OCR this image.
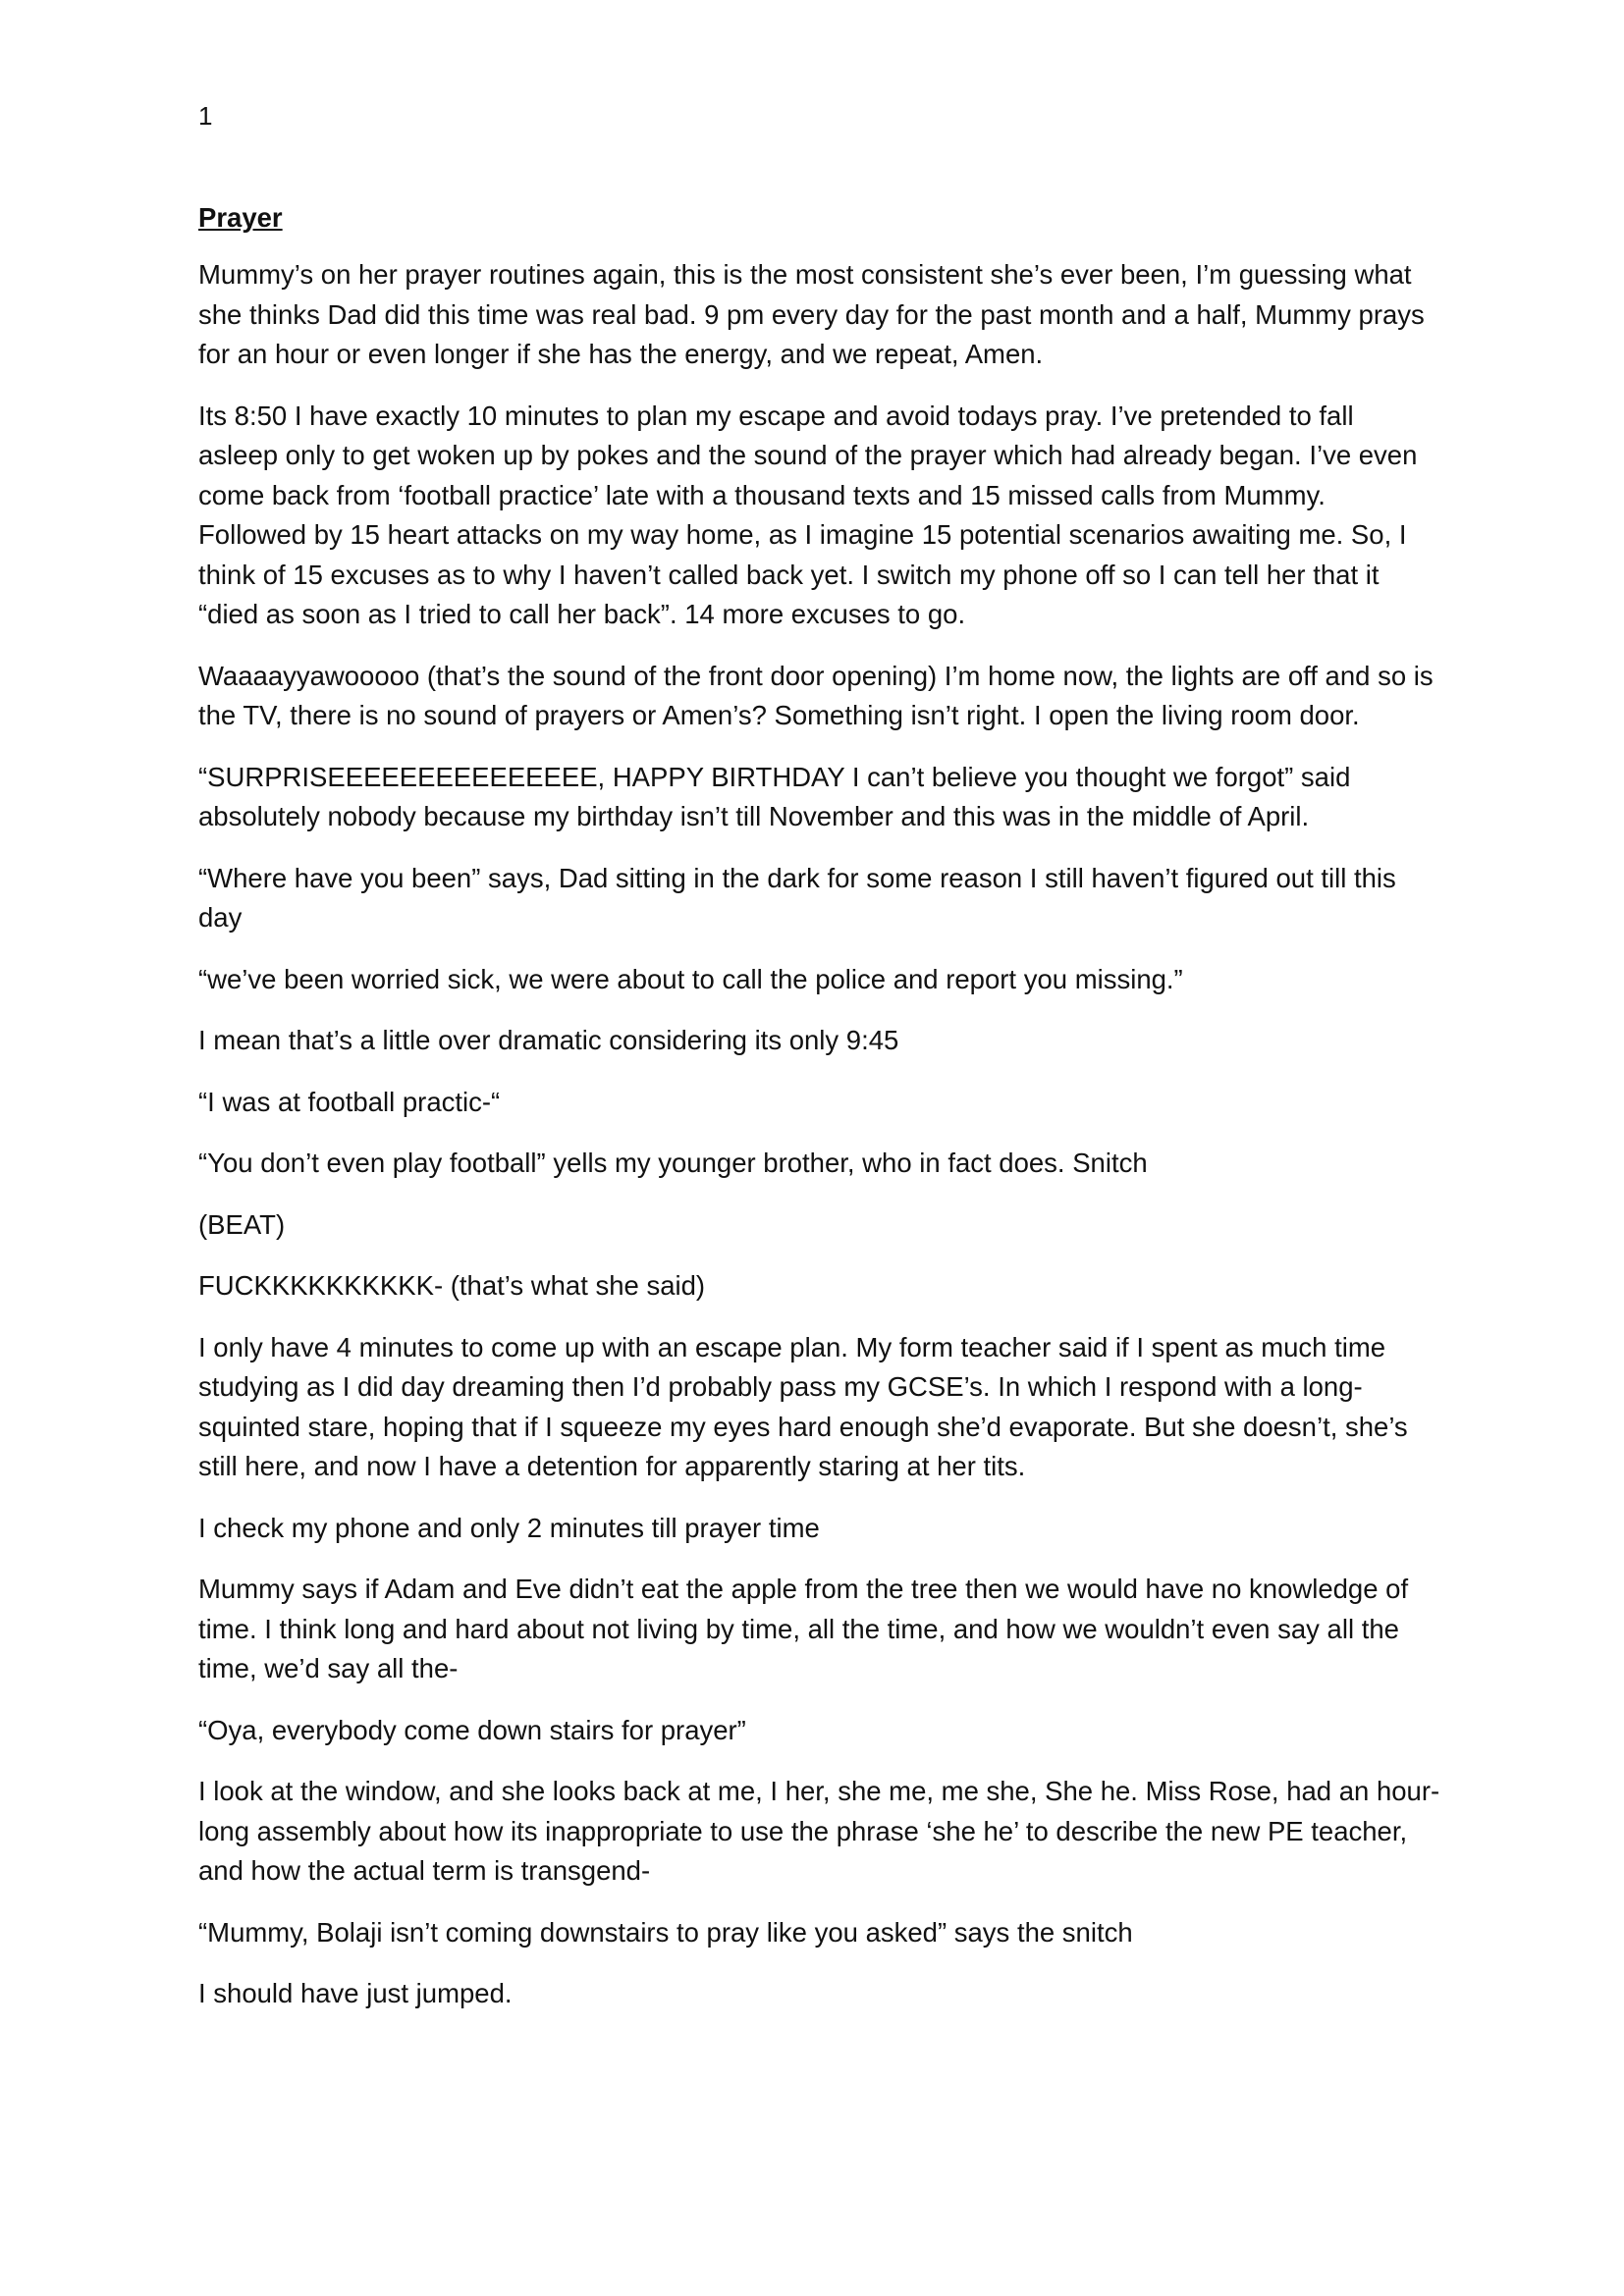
1
Prayer

Mummy’s on her prayer routines again, this is the most consistent she’s ever been, I’m guessing what she thinks Dad did this time was real bad. 9 pm every day for the past month and a half, Mummy prays for an hour or even longer if she has the energy, and we repeat, Amen.

Its 8:50 I have exactly 10 minutes to plan my escape and avoid todays pray. I’ve pretended to fall asleep only to get woken up by pokes and the sound of the prayer which had already began. I’ve even come back from ‘football practice’ late with a thousand texts and 15 missed calls from Mummy. Followed by 15 heart attacks on my way home, as I imagine 15 potential scenarios awaiting me. So, I think of 15 excuses as to why I haven’t called back yet. I switch my phone off so I can tell her that it “died as soon as I tried to call her back”. 14 more excuses to go.

Waaaayyawooooo (that’s the sound of the front door opening) I’m home now, the lights are off and so is the TV, there is no sound of prayers or Amen’s? Something isn’t right. I open the living room door.

“SURPRISEEEEEEEEEEEEEEE, HAPPY BIRTHDAY I can’t believe you thought we forgot” said absolutely nobody because my birthday isn’t till November and this was in the middle of April.

“Where have you been” says, Dad sitting in the dark for some reason I still haven’t figured out till this day

“we’ve been worried sick, we were about to call the police and report you missing.”

I mean that’s a little over dramatic considering its only 9:45

“I was at football practic-“

“You don’t even play football” yells my younger brother, who in fact does. Snitch

(BEAT)

FUCKKKKKKKKKK- (that’s what she said)

I only have 4 minutes to come up with an escape plan. My form teacher said if I spent as much time studying as I did day dreaming then I’d probably pass my GCSE’s. In which I respond with a long-squinted stare, hoping that if I squeeze my eyes hard enough she’d evaporate. But she doesn’t, she’s still here, and now I have a detention for apparently staring at her tits.

I check my phone and only 2 minutes till prayer time

Mummy says if Adam and Eve didn’t eat the apple from the tree then we would have no knowledge of time. I think long and hard about not living by time, all the time, and how we wouldn’t even say all the time, we’d say all the-

“Oya, everybody come down stairs for prayer”

I look at the window, and she looks back at me, I her, she me, me she, She he. Miss Rose, had an hour-long assembly about how its inappropriate to use the phrase ‘she he’ to describe the new PE teacher, and how the actual term is transgend-

“Mummy, Bolaji isn’t coming downstairs to pray like you asked” says the snitch

I should have just jumped.
